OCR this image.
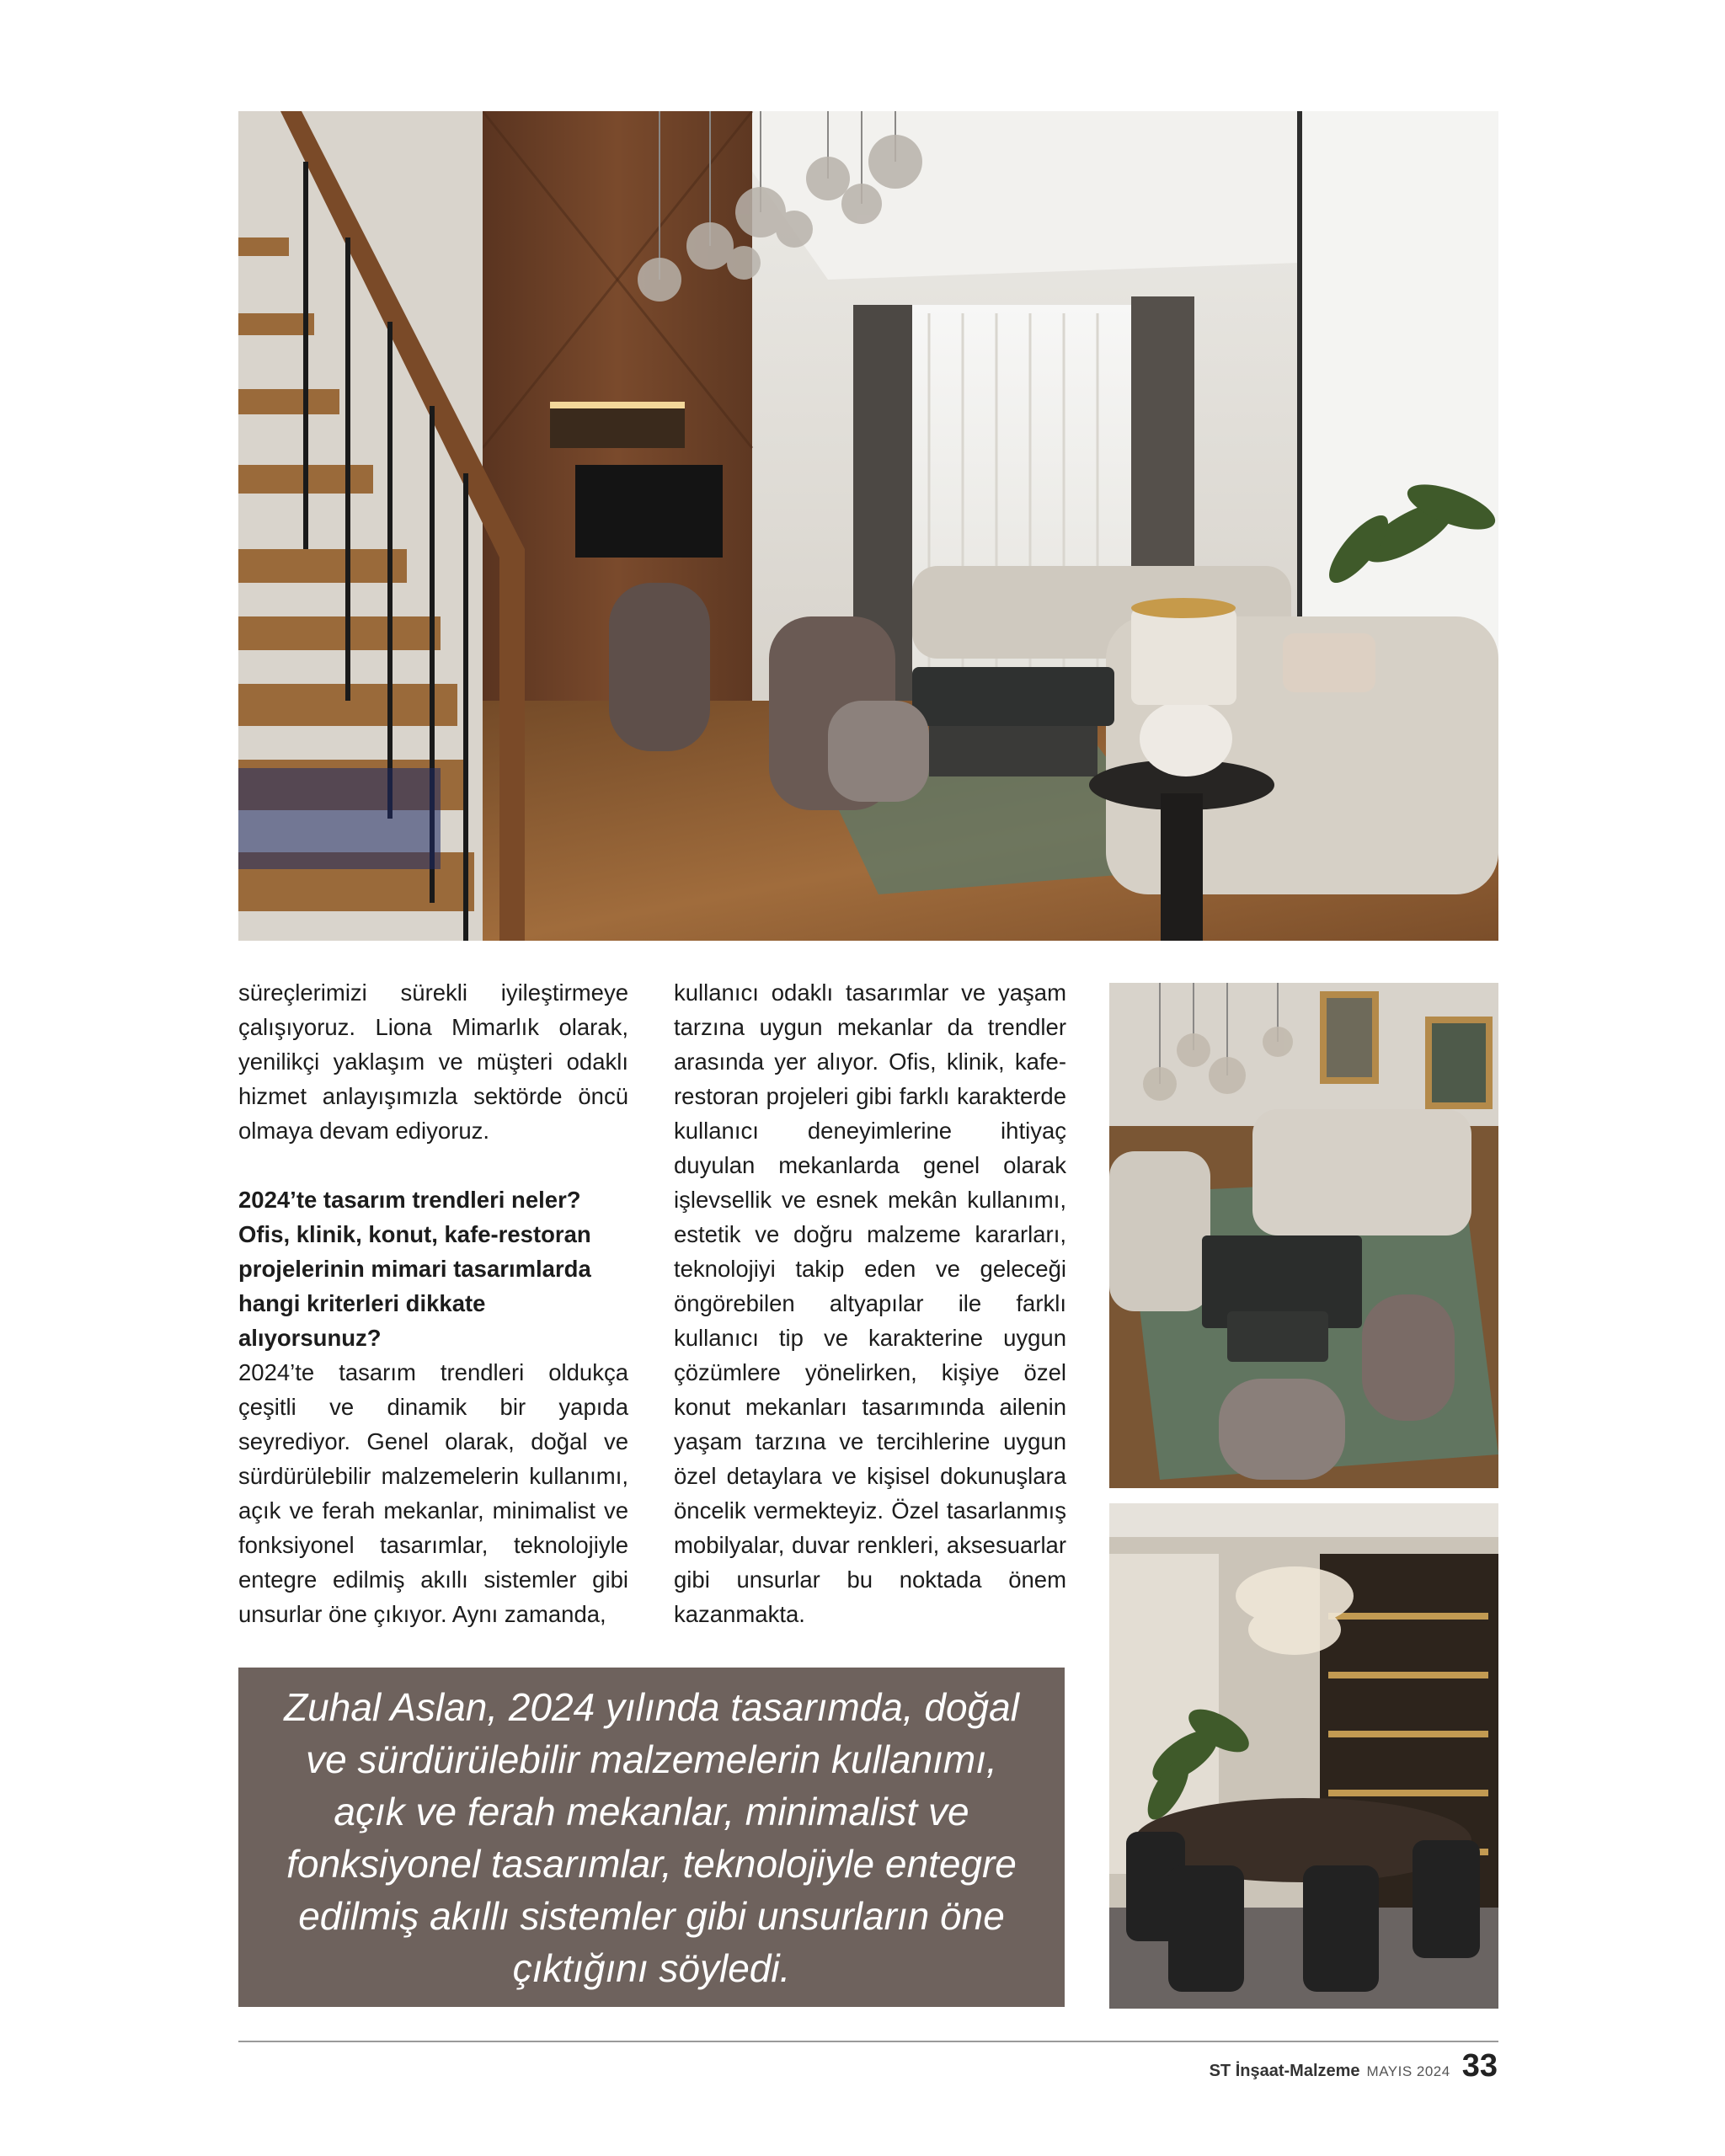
süreçlerimizi sürekli iyileştirmeye çalışıyoruz. Liona Mimarlık olarak, yenilikçi yaklaşım ve müşteri odaklı hizmet anlayışımızla sektörde öncü olmaya devam ediyoruz.

2024’te tasarım trendleri neler? Ofis, klinik, konut, kafe-restoran projelerinin mimari tasarımlarda hangi kriterleri dikkate alıyorsunuz?

2024’te tasarım trendleri oldukça çeşitli ve dinamik bir yapıda seyrediyor. Genel olarak, doğal ve sürdürülebilir malzemelerin kullanımı, açık ve ferah mekanlar, minimalist ve fonksiyonel tasarımlar, teknolojiyle entegre edilmiş akıllı sistemler gibi unsurlar öne çıkıyor. Aynı zamanda,

kullanıcı odaklı tasarımlar ve yaşam tarzına uygun mekanlar da trendler arasında yer alıyor. Ofis, klinik, kafe-restoran projeleri gibi farklı karakterde kullanıcı deneyimlerine ihtiyaç duyulan mekanlarda genel olarak işlevsellik ve esnek mekân kullanımı, estetik ve doğru malzeme kararları, teknolojiyi takip eden ve geleceği öngörebilen altyapılar ile farklı kullanıcı tip ve karakterine uygun çözümlere yönelirken, kişiye özel konut mekanları tasarımında ailenin yaşam tarzına ve tercihlerine uygun özel detaylara ve kişisel dokunuşlara öncelik vermekteyiz. Özel tasarlanmış mobilyalar, duvar renkleri, aksesuarlar gibi unsurlar bu noktada önem kazanmakta.

Zuhal Aslan, 2024 yılında tasarımda, doğal ve sürdürülebilir malzemelerin kullanımı, açık ve ferah mekanlar, minimalist ve fonksiyonel tasarımlar, teknolojiyle entegre edilmiş akıllı sistemler gibi unsurların öne çıktığını söyledi.

ST İnşaat-Malzeme MAYIS 2024 33
